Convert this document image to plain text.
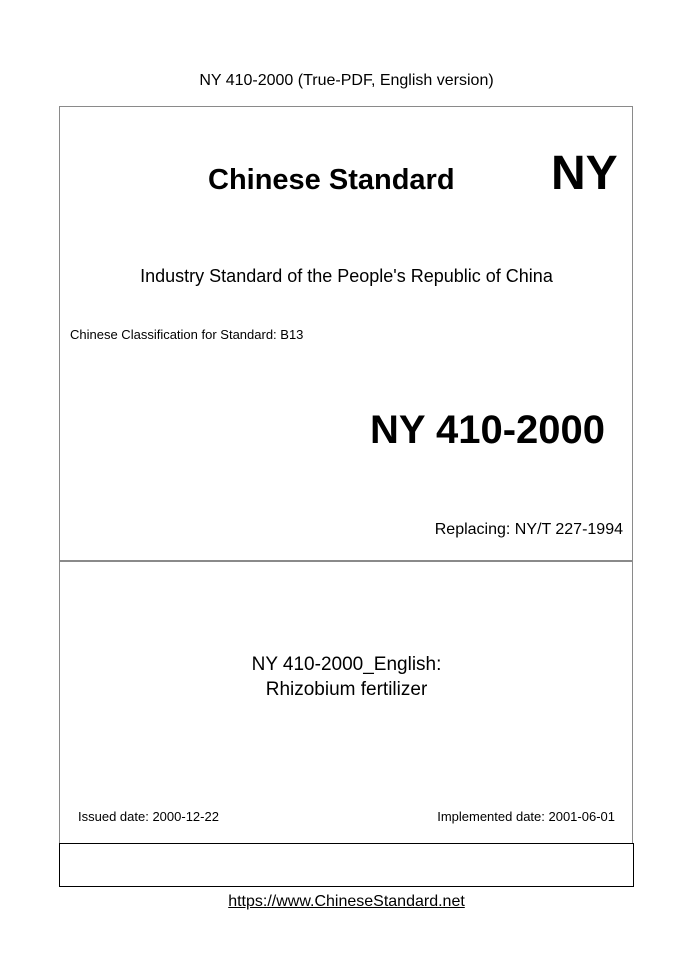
NY 410-2000 (True-PDF, English version)
Chinese Standard NY
Industry Standard of the People's Republic of China
Chinese Classification for Standard: B13
NY 410-2000
Replacing: NY/T 227-1994
NY 410-2000_English:
Rhizobium fertilizer
Issued date: 2000-12-22	Implemented date: 2001-06-01
https://www.ChineseStandard.net
